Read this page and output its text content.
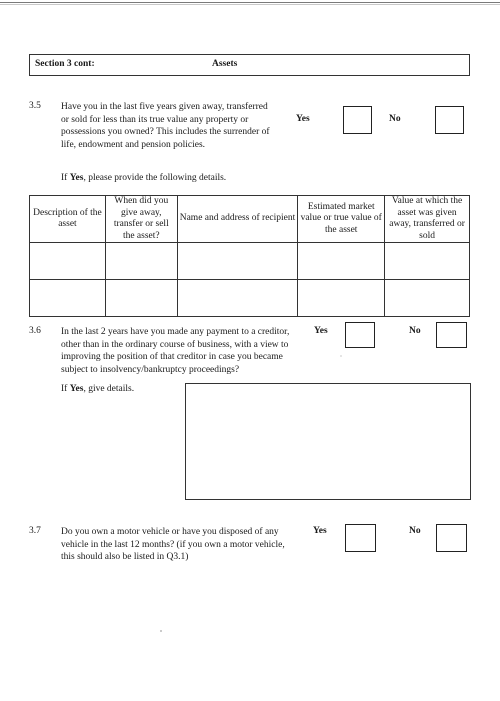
Section 3 cont:	Assets
3.5 Have you in the last five years given away, transferred
or sold for less than its true value any property or
possessions you owned? This includes the surrender of
life, endowment and pension policies.
Yes	No
If Yes, please provide the following details.
Description of the asset	When did you give away, transfer or sell the asset?	Name and address of recipient	Estimated market value or true value of the asset	Value at which the asset was given away, transferred or sold

3.6 In the last 2 years have you made any payment to a creditor,
other than in the ordinary course of business, with a view to
improving the position of that creditor in case you became
subject to insolvency/bankruptcy proceedings?
Yes	No
If Yes, give details.
3.7 Do you own a motor vehicle or have you disposed of any
vehicle in the last 12 months? (if you own a motor vehicle,
this should also be listed in Q3.1)
Yes	No
